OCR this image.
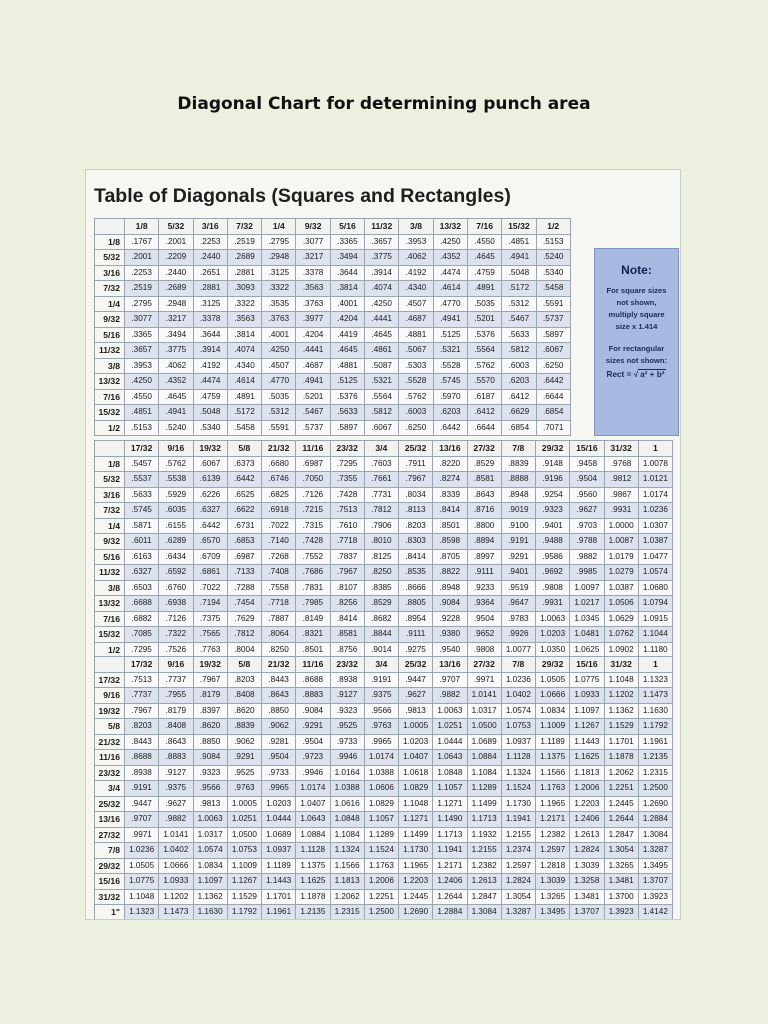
Diagonal Chart for determining punch area
Table of Diagonals (Squares and Rectangles)
	1/8	5/32	3/16	7/32	1/4	9/32	5/16	11/32	3/8	13/32	7/16	15/32	1/2
1/8	.1767	.2001	.2253	.2519	.2795	.3077	.3365	.3657	.3953	.4250	.4550	.4851	.5153
5/32	.2001	.2209	.2440	.2689	.2948	.3217	.3494	.3775	.4062	.4352	.4645	.4941	.5240
3/16	.2253	.2440	.2651	.2881	.3125	.3378	.3644	.3914	.4192	.4474	.4759	.5048	.5340
7/32	.2519	.2689	.2881	.3093	.3322	.3563	.3814	.4074	.4340	.4614	.4891	.5172	.5458
1/4	.2795	.2948	.3125	.3322	.3535	.3763	.4001	.4250	.4507	.4770	.5035	.5312	.5591
9/32	.3077	.3217	.3378	.3563	.3763	.3977	.4204	.4441	.4687	.4941	.5201	.5467	.5737
5/16	.3365	.3494	.3644	.3814	.4001	.4204	.4419	.4645	.4881	.5125	.5376	.5633	.5897
11/32	.3657	.3775	.3914	.4074	.4250	.4441	.4645	.4861	.5067	.5321	.5564	.5812	.6067
3/8	.3953	.4062	.4192	.4340	.4507	.4687	.4881	.5087	.5303	.5528	.5762	.6003	.6250
13/32	.4250	.4352	.4474	.4614	.4770	.4941	.5125	.5321	.5528	.5745	.5570	.6203	.6442
7/16	.4550	.4645	.4759	.4891	.5035	.5201	.5376	.5564	.5762	.5970	.6187	.6412	.6644
15/32	.4851	.4941	.5048	.5172	.5312	.5467	.5633	.5812	.6003	.6203	.6412	.6629	.6854
1/2	.5153	.5240	.5340	.5458	.5591	.5737	.5897	.6067	.6250	.6442	.6644	.6854	.7071
	17/32	9/16	19/32	5/8	21/32	11/16	23/32	3/4	25/32	13/16	27/32	7/8	29/32	15/16	31/32	1
1/8	.5457	.5762	.6067	.6373	.6680	.6987	.7295	.7603	.7911	.8220	.8529	.8839	.9148	.9458	.9768	1.0078
5/32	.5537	.5538	.6139	.6442	.6746	.7050	.7355	.7661	.7967	.8274	.8581	.8888	.9196	.9504	.9812	1.0121
3/16	.5633	.5929	.6226	.6525	.6825	.7126	.7428	.7731	.8034	.8339	.8643	.8948	.9254	.9560	.9867	1.0174
7/32	.5745	.6035	.6327	.6622	.6918	.7215	.7513	.7812	.8113	.8414	.8716	.9019	.9323	.9627	.9931	1.0236
1/4	.5871	.6155	.6442	.6731	.7022	.7315	.7610	.7906	.8203	.8501	.8800	.9100	.9401	.9703	1.0000	1.0307
9/32	.6011	.6289	.6570	.6853	.7140	.7428	.7718	.8010	.8303	.8598	.8894	.9191	.9488	.9788	1.0087	1.0387
5/16	.6163	.6434	.6709	.6987	.7268	.7552	.7837	.8125	.8414	.8705	.8997	.9291	.9586	.9882	1.0179	1.0477
11/32	.6327	.6592	.6861	.7133	.7408	.7686	.7967	.8250	.8535	.8822	.9111	.9401	.9692	.9985	1.0279	1.0574
3/8	.6503	.6760	.7022	.7288	.7558	.7831	.8107	.8385	.8666	.8948	.9233	.9519	.9808	1.0097	1.0387	1.0680
13/32	.6688	.6938	.7194	.7454	.7718	.7985	.8256	.8529	.8805	.9084	.9364	.9647	.9931	1.0217	1.0506	1.0794
7/16	.6882	.7126	.7375	.7629	.7887	.8149	.8414	.8682	.8954	.9228	.9504	.9783	1.0063	1.0345	1.0629	1.0915
15/32	.7085	.7322	.7565	.7812	.8064	.8321	.8581	.8844	.9111	.9380	.9652	.9926	1.0203	1.0481	1.0762	1.1044
1/2	.7295	.7526	.7763	.8004	.8250	.8501	.8756	.9014	.9275	.9540	.9808	1.0077	1.0350	1.0625	1.0902	1.1180
	17/32	9/16	19/32	5/8	21/32	11/16	23/32	3/4	25/32	13/16	27/32	7/8	29/32	15/16	31/32	1
17/32	.7513	.7737	.7967	.8203	.8443	.8688	.8938	.9191	.9447	.9707	.9971	1.0236	1.0505	1.0775	1.1048	1.1323
9/16	.7737	.7955	.8179	.8408	.8643	.8883	.9127	.9375	.9627	.9882	1.0141	1.0402	1.0666	1.0933	1.1202	1.1473
19/32	.7967	.8179	.8397	.8620	.8850	.9084	.9323	.9566	.9813	1.0063	1.0317	1.0574	1.0834	1.1097	1.1362	1.1630
5/8	.8203	.8408	.8620	.8839	.9062	.9291	.9525	.9763	1.0005	1.0251	1.0500	1.0753	1.1009	1.1267	1.1529	1.1792
21/32	.8443	.8643	.8850	.9062	.9281	.9504	.9733	.9965	1.0203	1.0444	1.0689	1.0937	1.1189	1.1443	1.1701	1.1961
11/16	.8688	.8883	.9084	.9291	.9504	.9723	.9946	1.0174	1.0407	1.0643	1.0884	1.1128	1.1375	1.1625	1.1878	1.2135
23/32	.8938	.9127	.9323	.9525	.9733	.9946	1.0164	1.0388	1.0618	1.0848	1.1084	1.1324	1.1566	1.1813	1.2062	1.2315
3/4	.9191	.9375	.9566	.9763	.9965	1.0174	1.0388	1.0606	1.0829	1.1057	1.1289	1.1524	1.1763	1.2006	1.2251	1.2500
25/32	.9447	.9627	.9813	1.0005	1.0203	1.0407	1.0616	1.0829	1.1048	1.1271	1.1499	1.1730	1.1965	1.2203	1.2445	1.2690
13/16	.9707	.9882	1.0063	1.0251	1.0444	1.0643	1.0848	1.1057	1.1271	1.1490	1.1713	1.1941	1.2171	1.2406	1.2644	1.2884
27/32	.9971	1.0141	1.0317	1.0500	1.0689	1.0884	1.1084	1.1289	1.1499	1.1713	1.1932	1.2155	1.2382	1.2613	1.2847	1.3084
7/8	1.0236	1.0402	1.0574	1.0753	1.0937	1.1128	1.1324	1.1524	1.1730	1.1941	1.2155	1.2374	1.2597	1.2824	1.3054	1.3287
29/32	1.0505	1.0666	1.0834	1.1009	1.1189	1.1375	1.1566	1.1763	1.1965	1.2171	1.2382	1.2597	1.2818	1.3039	1.3265	1.3495
15/16	1.0775	1.0933	1.1097	1.1267	1.1443	1.1625	1.1813	1.2006	1.2203	1.2406	1.2613	1.2824	1.3039	1.3258	1.3481	1.3707
31/32	1.1048	1.1202	1.1362	1.1529	1.1701	1.1878	1.2062	1.2251	1.2445	1.2644	1.2847	1.3054	1.3265	1.3481	1.3700	1.3923
1"	1.1323	1.1473	1.1630	1.1792	1.1961	1.2135	1.2315	1.2500	1.2690	1.2884	1.3084	1.3287	1.3495	1.3707	1.3923	1.4142
Note:
For square sizes
not shown,
multiply square
size x 1.414
For rectangular
sizes not shown:
Rect = √ a² + b²
